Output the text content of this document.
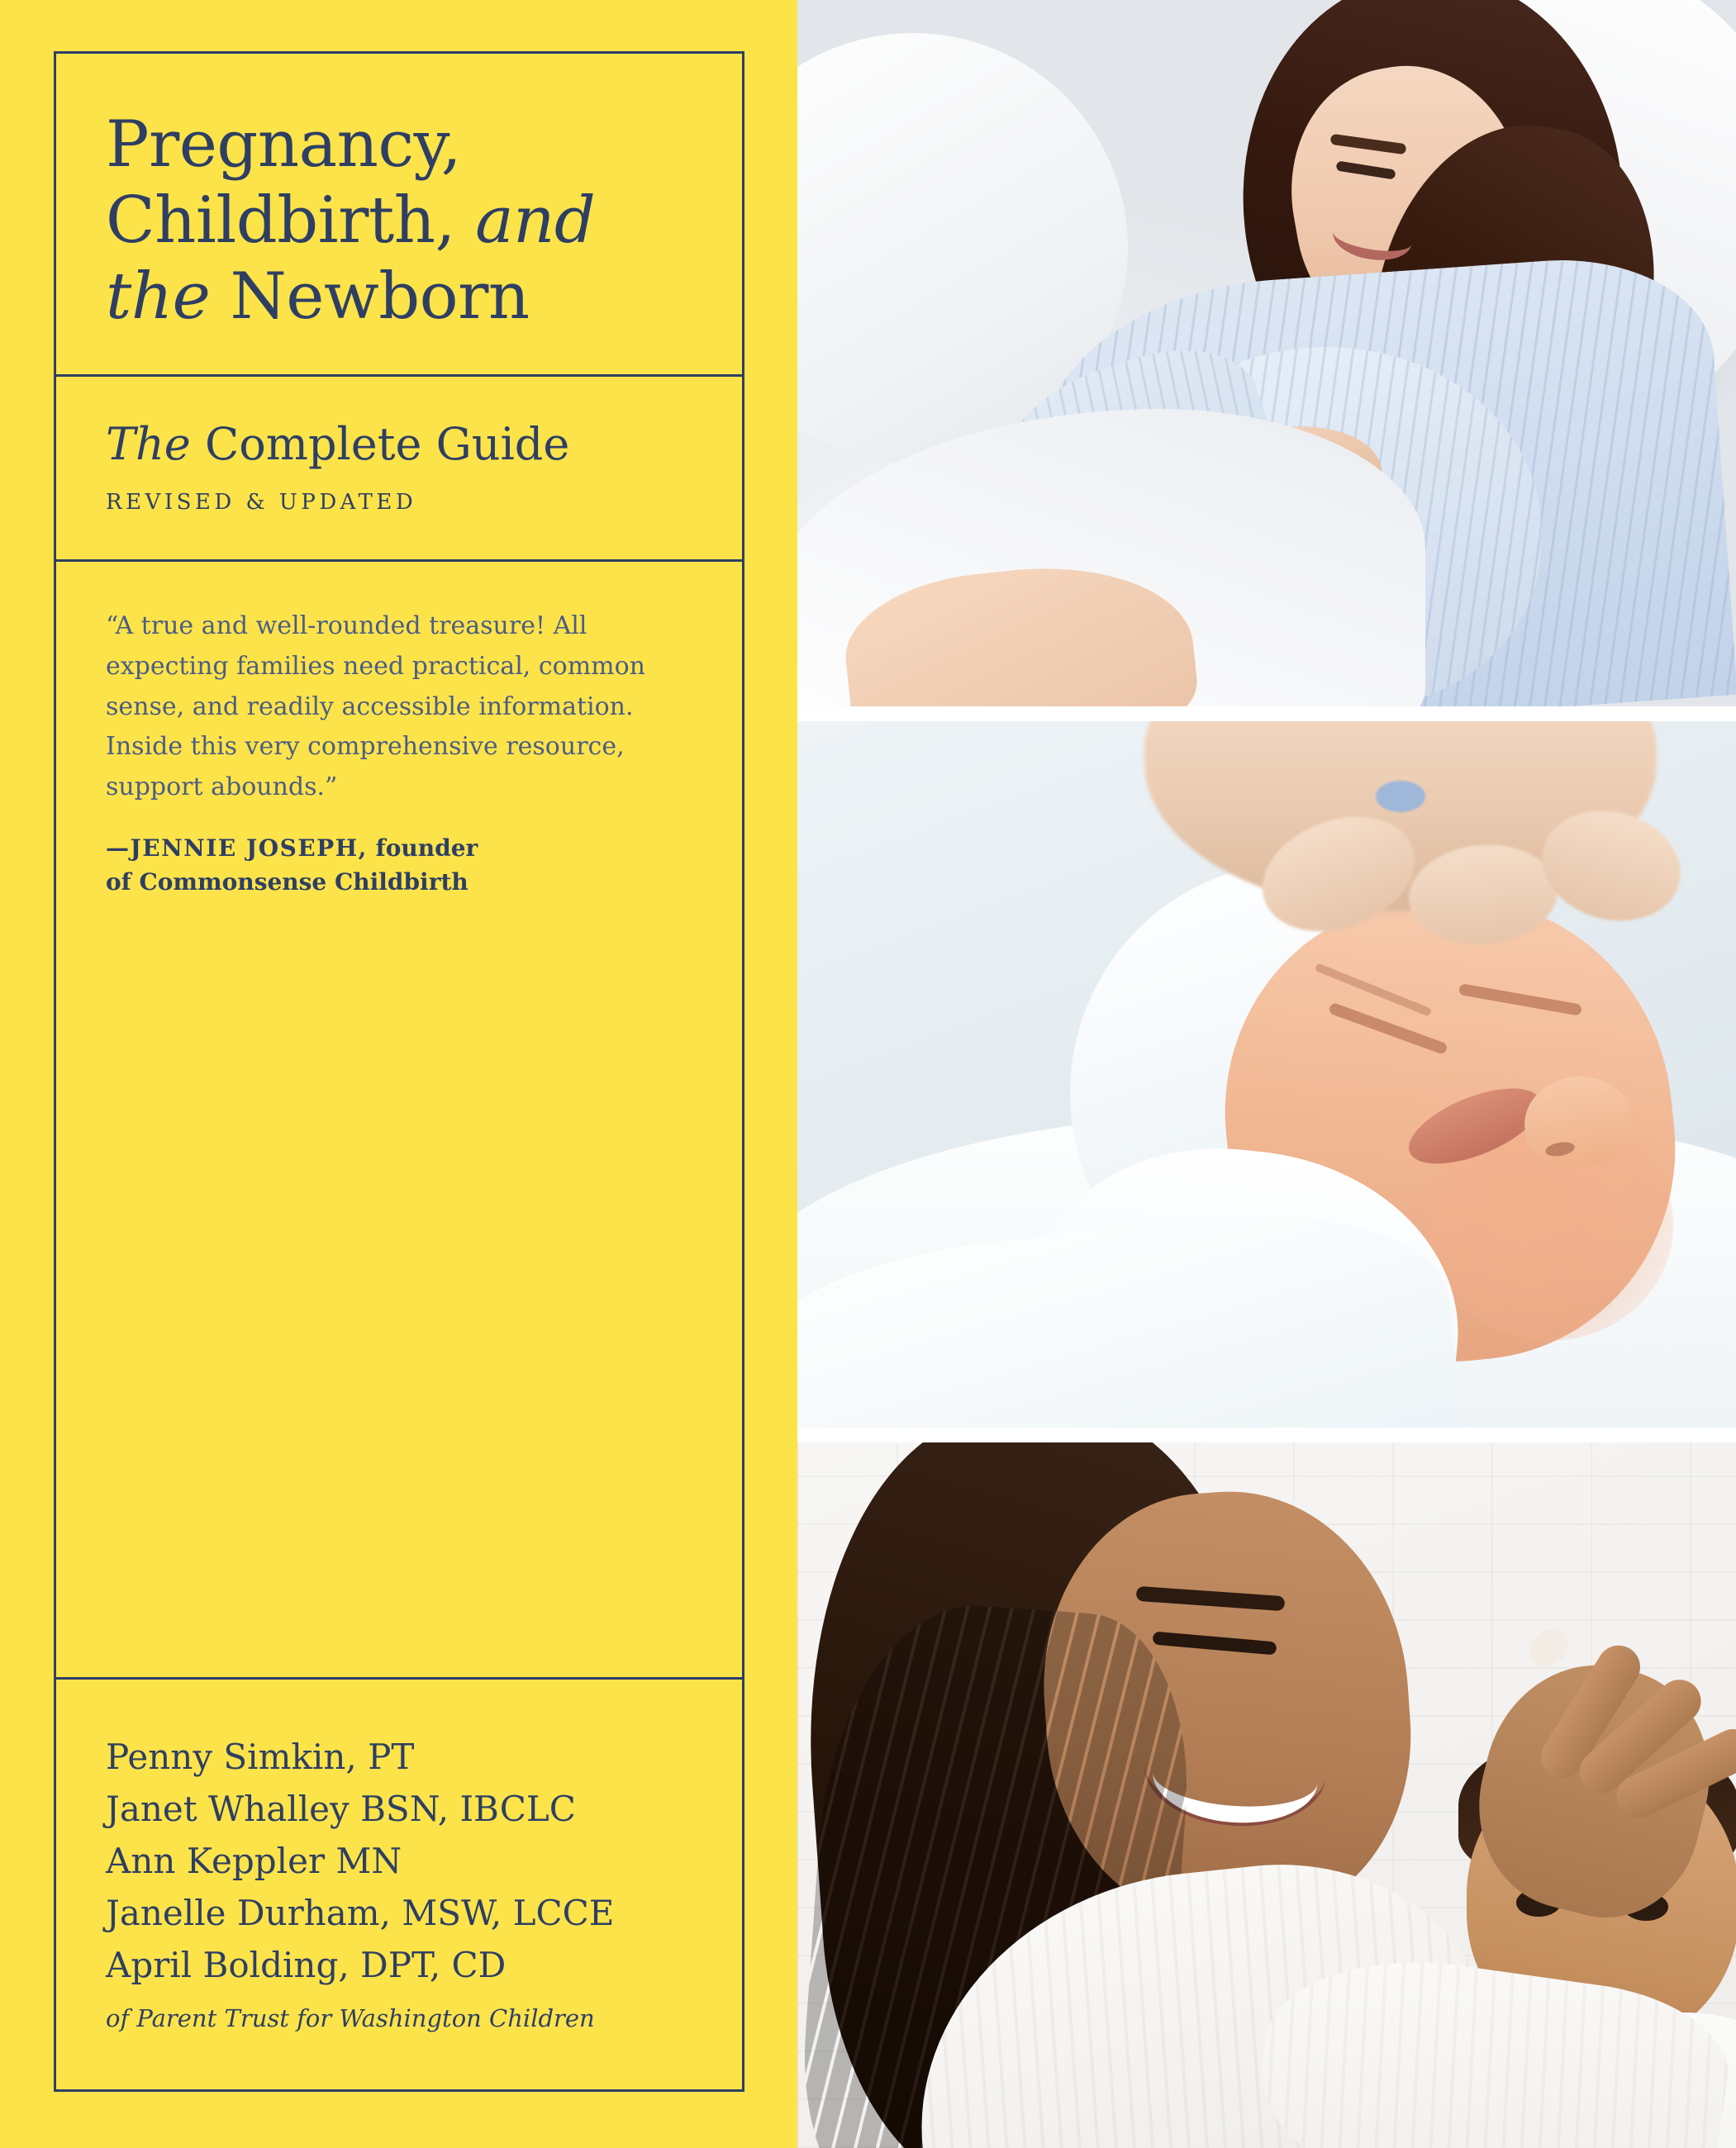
Pregnancy,
Childbirth, and
the Newborn

The Complete Guide

REVISED & UPDATED

“A true and well-rounded treasure! All expecting families need practical, common sense, and readily accessible information. Inside this very comprehensive resource, support abounds.”

—JENNIE JOSEPH, founder
of Commonsense Childbirth

Penny Simkin, PT

Janet Whalley BSN, IBCLC

Ann Keppler MN

Janelle Durham, MSW, LCCE

April Bolding, DPT, CD

of Parent Trust for Washington Children
